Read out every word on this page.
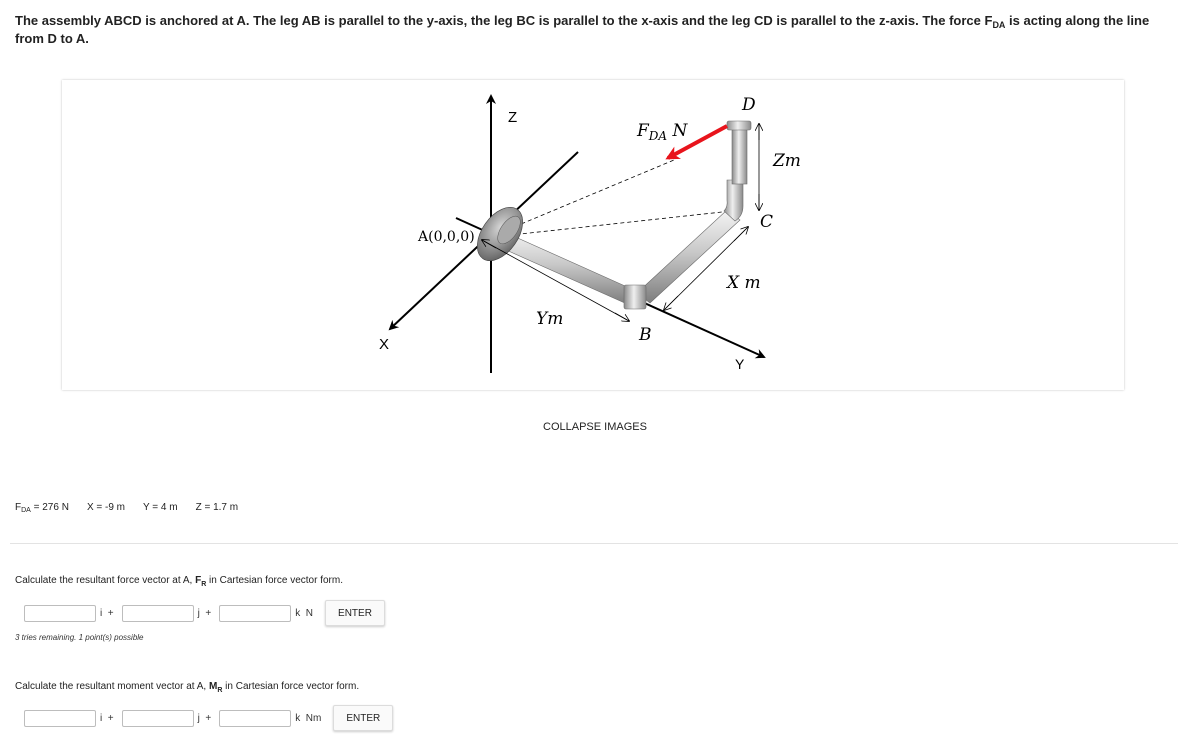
The assembly ABCD is anchored at A. The leg AB is parallel to the y-axis, the leg BC is parallel to the x-axis and the leg CD is parallel to the z-axis. The force $F_{DA}$ is acting along the line from D to A.
Z
X
Y
A(0,0,0)
B
C
D
$F_{DA}$ N
Zm
X m
Ym
COLLAPSE IMAGES
$F_{DA} = 276$ N X = -9 m Y = 4 m Z = 1.7 m
Calculate the resultant force vector at A, $F_R$ in Cartesian force vector form.
i  +	j  +	k  N	ENTER
3 tries remaining. 1 point(s) possible
Calculate the resultant moment vector at A, $M_R$ in Cartesian force vector form.
i  +	j  +	k  Nm	ENTER
